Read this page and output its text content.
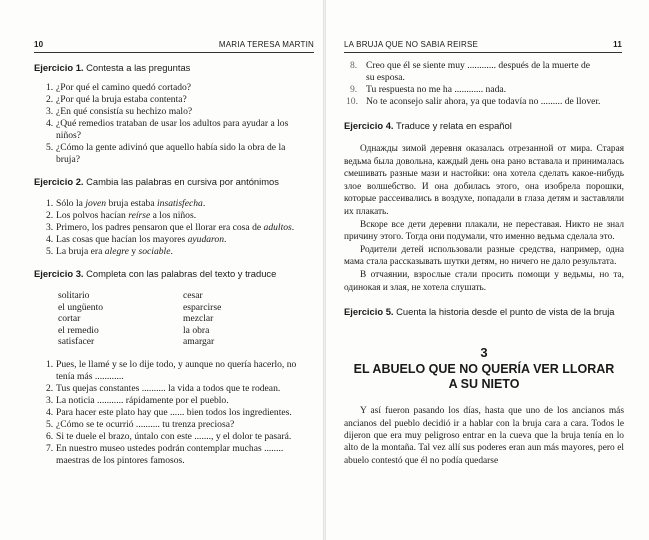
10	MARIA TERESA MARTIN

Ejercicio 1. Contesta a las preguntas

1. ¿Por qué el camino quedó cortado?
2. ¿Por qué la bruja estaba contenta?
3. ¿En qué consistía su hechizo malo?
4. ¿Qué remedios trataban de usar los adultos para ayudar a los
niños?
5. ¿Cómo la gente adivinó que aquello había sido la obra de la
bruja?

Ejercicio 2. Cambia las palabras en cursiva por antónimos

1. Sólo la joven bruja estaba insatisfecha.
2. Los polvos hacían reírse a los niños.
3. Primero, los padres pensaron que el llorar era cosa de adultos.
4. Las cosas que hacían los mayores ayudaron.
5. La bruja era alegre y sociable.

Ejercicio 3. Completa con las palabras del texto y traduce

solitario
el ungüento
cortar
el remedio
satisfacer
cesar
esparcirse
mezclar
la obra
amargar
1. Pues, le llamé y se lo dije todo, y aunque no quería hacerlo, no
tenía más ............
2. Tus quejas constantes .......... la vida a todos que te rodean.
3. La noticia ........... rápidamente por el pueblo.
4. Para hacer este plato hay que ...... bien todos los ingredientes.
5. ¿Cómo se te ocurrió .......... tu trenza preciosa?
6. Si te duele el brazo, úntalo con este ......., y el dolor te pasará.
7. En nuestro museo ustedes podrán contemplar muchas ........
maestras de los pintores famosos.
LA BRUJA QUE NO SABIA REIRSE	11
8. Creo que él se siente muy ............ después de la muerte de
su esposa.
9. Tu respuesta no me ha ............ nada.
10. No te aconsejo salir ahora, ya que todavía no ......... de llover.

Ejercicio 4. Traduce y relata en español

Однажды зимой деревня оказалась отрезанной от мира. Старая ведьма была довольна, каждый день она рано вставала и принималась смешивать разные мази и настойки: она хотела сделать какое-нибудь злое волшебство. И она добилась этого, она изобрела порошки, которые рассеивались в воздухе, попадали в глаза детям и заставляли их плакать.

Вскоре все дети деревни плакали, не переставая. Никто не знал причину этого. Тогда они подумали, что именно ведьма сделала это.

Родители детей использовали разные средства, например, одна мама стала рассказывать шутки детям, но ничего не дало результата.

В отчаянии, взрослые стали просить помощи у ведьмы, но та, одинокая и злая, не хотела слушать.

Ejercicio 5. Cuenta la historia desde el punto de vista de la bruja

3

EL ABUELO QUE NO QUERÍA VER LLORAR

A SU NIETO

Y así fueron pasando los días, hasta que uno de los ancianos más ancianos del pueblo decidió ir a hablar con la bruja cara a cara. Todos le dijeron que era muy peligroso entrar en la cueva que la bruja tenía en lo alto de la montaña. Tal vez allí sus poderes eran aun más mayores, pero el abuelo contestó que él no podía quedarse
